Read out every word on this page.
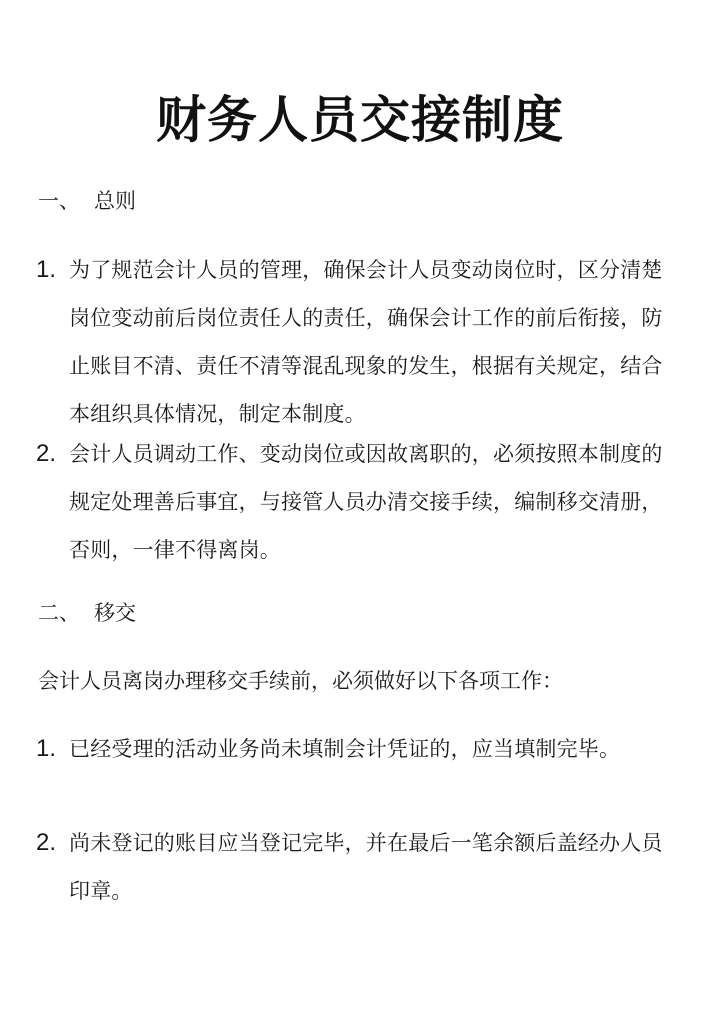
财务人员交接制度
一、 总则
1. 为了规范会计人员的管理，确保会计人员变动岗位时，区分清楚岗位变动前后岗位责任人的责任，确保会计工作的前后衔接，防止账目不清、责任不清等混乱现象的发生，根据有关规定，结合本组织具体情况，制定本制度。
2. 会计人员调动工作、变动岗位或因故离职的，必须按照本制度的规定处理善后事宜，与接管人员办清交接手续，编制移交清册，否则，一律不得离岗。
二、 移交
会计人员离岗办理移交手续前，必须做好以下各项工作：
1. 已经受理的活动业务尚未填制会计凭证的，应当填制完毕。
2. 尚未登记的账目应当登记完毕，并在最后一笔余额后盖经办人员印章。
